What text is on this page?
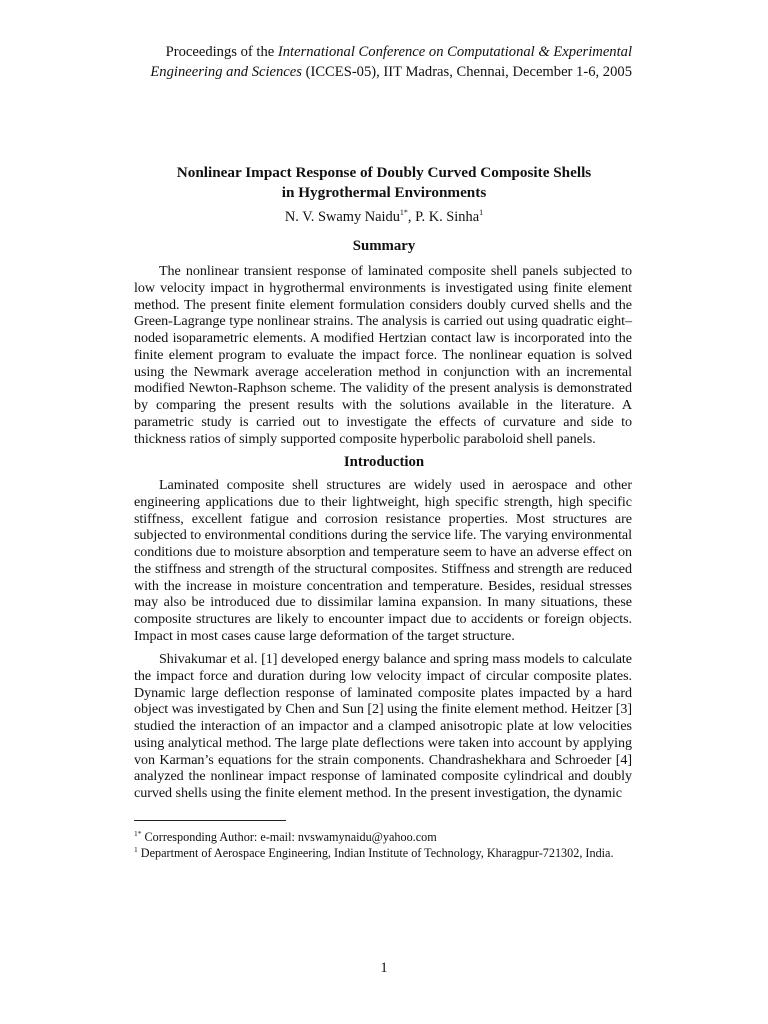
Proceedings of the International Conference on Computational & Experimental Engineering and Sciences (ICCES-05), IIT Madras, Chennai, December 1-6, 2005
Nonlinear Impact Response of Doubly Curved Composite Shells
in Hygrothermal Environments
N. V. Swamy Naidu$^{1*}$, P. K. Sinha$^1$
Summary

The nonlinear transient response of laminated composite shell panels subjected to low velocity impact in hygrothermal environments is investigated using finite element method. The present finite element formulation considers doubly curved shells and the Green-Lagrange type nonlinear strains. The analysis is carried out using quadratic eight–noded isoparametric elements. A modified Hertzian contact law is incorporated into the finite element program to evaluate the impact force. The nonlinear equation is solved using the Newmark average acceleration method in conjunction with an incremental modified Newton-Raphson scheme. The validity of the present analysis is demonstrated by comparing the present results with the solutions available in the literature. A parametric study is carried out to investigate the effects of curvature and side to thickness ratios of simply supported composite hyperbolic paraboloid shell panels.

Introduction

Laminated composite shell structures are widely used in aerospace and other engineering applications due to their lightweight, high specific strength, high specific stiffness, excellent fatigue and corrosion resistance properties. Most structures are subjected to environmental conditions during the service life. The varying environmental conditions due to moisture absorption and temperature seem to have an adverse effect on the stiffness and strength of the structural composites. Stiffness and strength are reduced with the increase in moisture concentration and temperature. Besides, residual stresses may also be introduced due to dissimilar lamina expansion. In many situations, these composite structures are likely to encounter impact due to accidents or foreign objects. Impact in most cases cause large deformation of the target structure.

Shivakumar et al. [1] developed energy balance and spring mass models to calculate the impact force and duration during low velocity impact of circular composite plates. Dynamic large deflection response of laminated composite plates impacted by a hard object was investigated by Chen and Sun [2] using the finite element method. Heitzer [3] studied the interaction of an impactor and a clamped anisotropic plate at low velocities using analytical method. The large plate deflections were taken into account by applying von Karman’s equations for the strain components. Chandrashekhara and Schroeder [4] analyzed the nonlinear impact response of laminated composite cylindrical and doubly curved shells using the finite element method. In the present investigation, the dynamic

$^{1*}$ Corresponding Author: e-mail: nvswamynaidu@yahoo.com
$^1$ Department of Aerospace Engineering, Indian Institute of Technology, Kharagpur-721302, India.
1
